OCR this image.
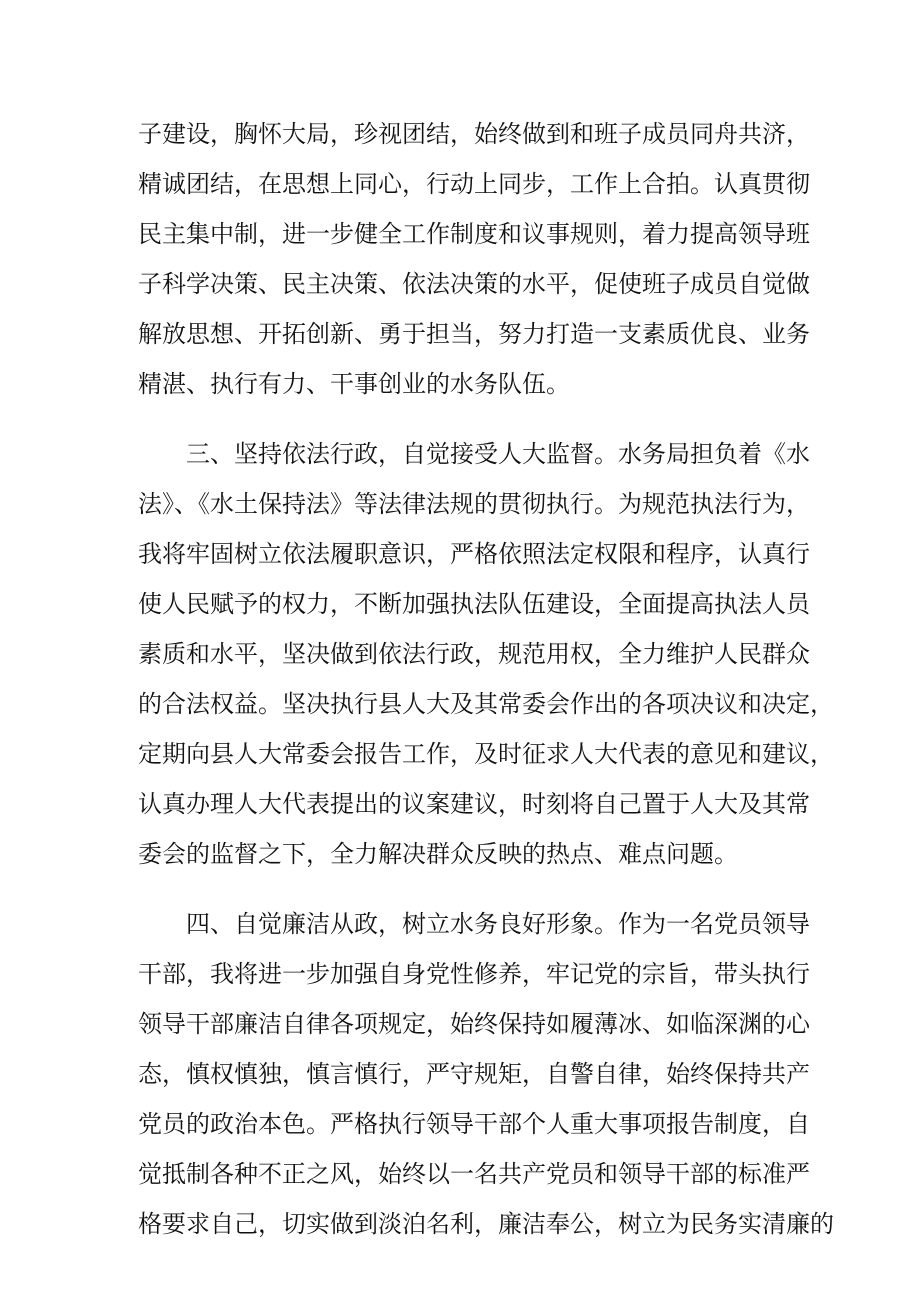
子建设，胸怀大局，珍视团结，始终做到和班子成员同舟共济，
精诚团结，在思想上同心，行动上同步，工作上合拍。认真贯彻
民主集中制，进一步健全工作制度和议事规则，着力提高领导班
子科学决策、民主决策、依法决策的水平，促使班子成员自觉做
解放思想、开拓创新、勇于担当，努力打造一支素质优良、业务
精湛、执行有力、干事创业的水务队伍。
三、坚持依法行政，自觉接受人大监督。水务局担负着《水
法》、《水土保持法》等法律法规的贯彻执行。为规范执法行为，
我将牢固树立依法履职意识，严格依照法定权限和程序，认真行
使人民赋予的权力，不断加强执法队伍建设，全面提高执法人员
素质和水平，坚决做到依法行政，规范用权，全力维护人民群众
的合法权益。坚决执行县人大及其常委会作出的各项决议和决定，
定期向县人大常委会报告工作，及时征求人大代表的意见和建议，
认真办理人大代表提出的议案建议，时刻将自己置于人大及其常
委会的监督之下，全力解决群众反映的热点、难点问题。
四、自觉廉洁从政，树立水务良好形象。作为一名党员领导
干部，我将进一步加强自身党性修养，牢记党的宗旨，带头执行
领导干部廉洁自律各项规定，始终保持如履薄冰、如临深渊的心
态，慎权慎独，慎言慎行，严守规矩，自警自律，始终保持共产
党员的政治本色。严格执行领导干部个人重大事项报告制度，自
觉抵制各种不正之风，始终以一名共产党员和领导干部的标准严
格要求自己，切实做到淡泊名利，廉洁奉公，树立为民务实清廉的
